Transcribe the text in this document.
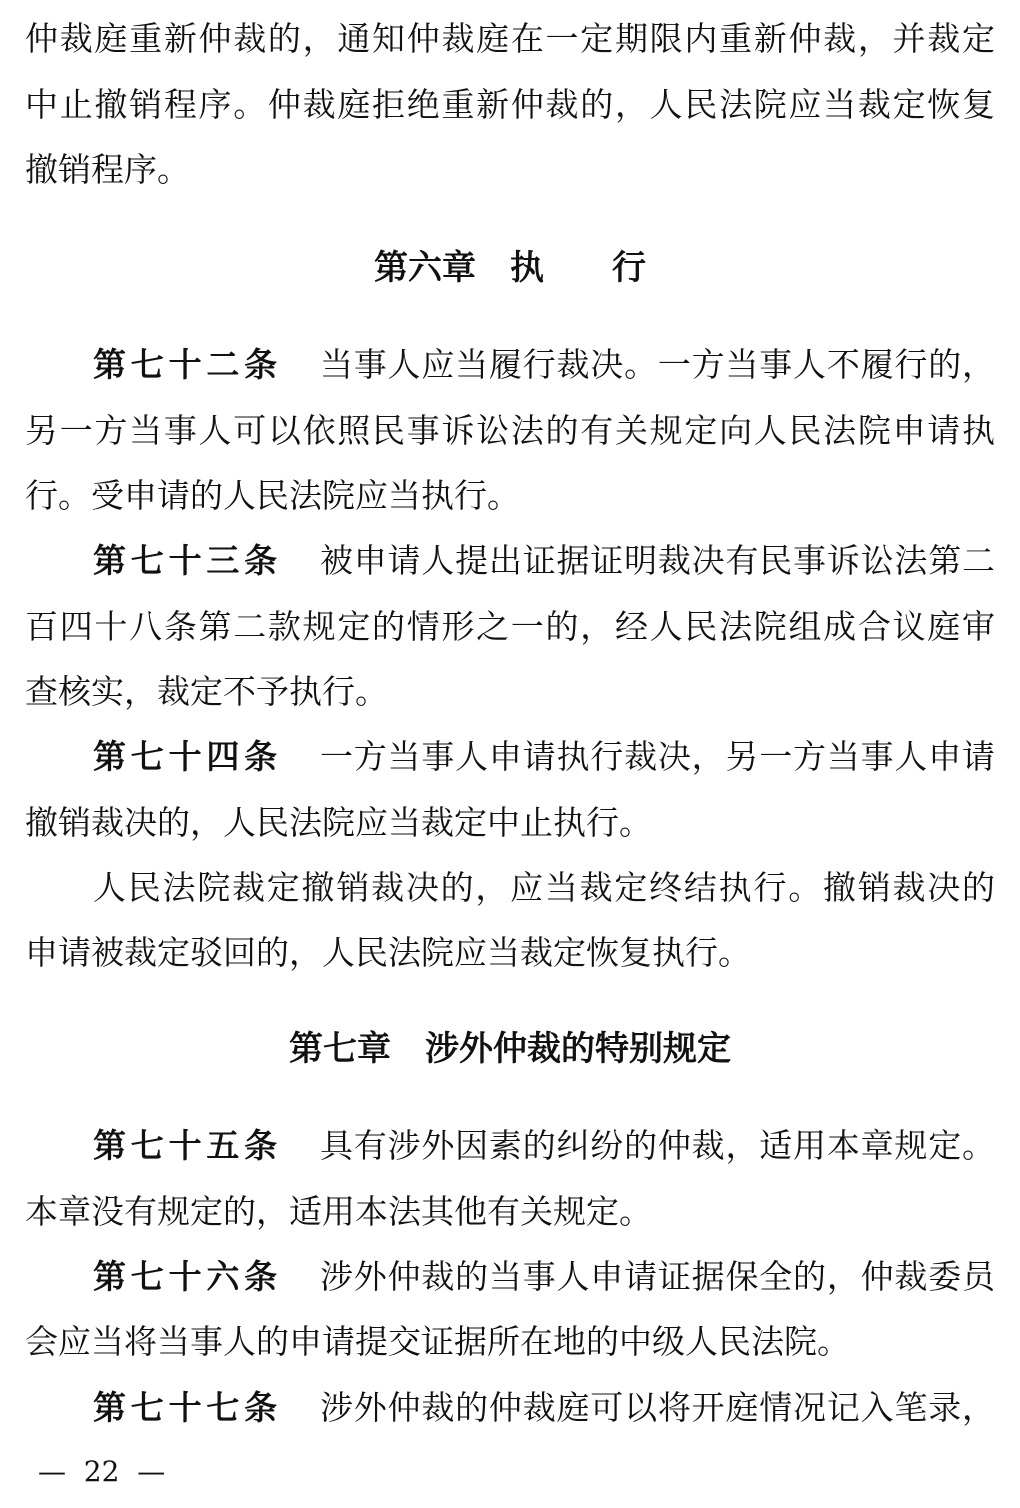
仲裁庭重新仲裁的，通知仲裁庭在一定期限内重新仲裁，并裁定
中止撤销程序。仲裁庭拒绝重新仲裁的，人民法院应当裁定恢复
撤销程序。
第六章　执　　行
第七十二条 当事人应当履行裁决。一方当事人不履行的，
另一方当事人可以依照民事诉讼法的有关规定向人民法院申请执
行。受申请的人民法院应当执行。
第七十三条 被申请人提出证据证明裁决有民事诉讼法第二
百四十八条第二款规定的情形之一的，经人民法院组成合议庭审
查核实，裁定不予执行。
第七十四条 一方当事人申请执行裁决，另一方当事人申请
撤销裁决的，人民法院应当裁定中止执行。
人民法院裁定撤销裁决的，应当裁定终结执行。撤销裁决的
申请被裁定驳回的，人民法院应当裁定恢复执行。
第七章　涉外仲裁的特别规定
第七十五条 具有涉外因素的纠纷的仲裁，适用本章规定。
本章没有规定的，适用本法其他有关规定。
第七十六条 涉外仲裁的当事人申请证据保全的，仲裁委员
会应当将当事人的申请提交证据所在地的中级人民法院。
第七十七条 涉外仲裁的仲裁庭可以将开庭情况记入笔录，
—  22  —
